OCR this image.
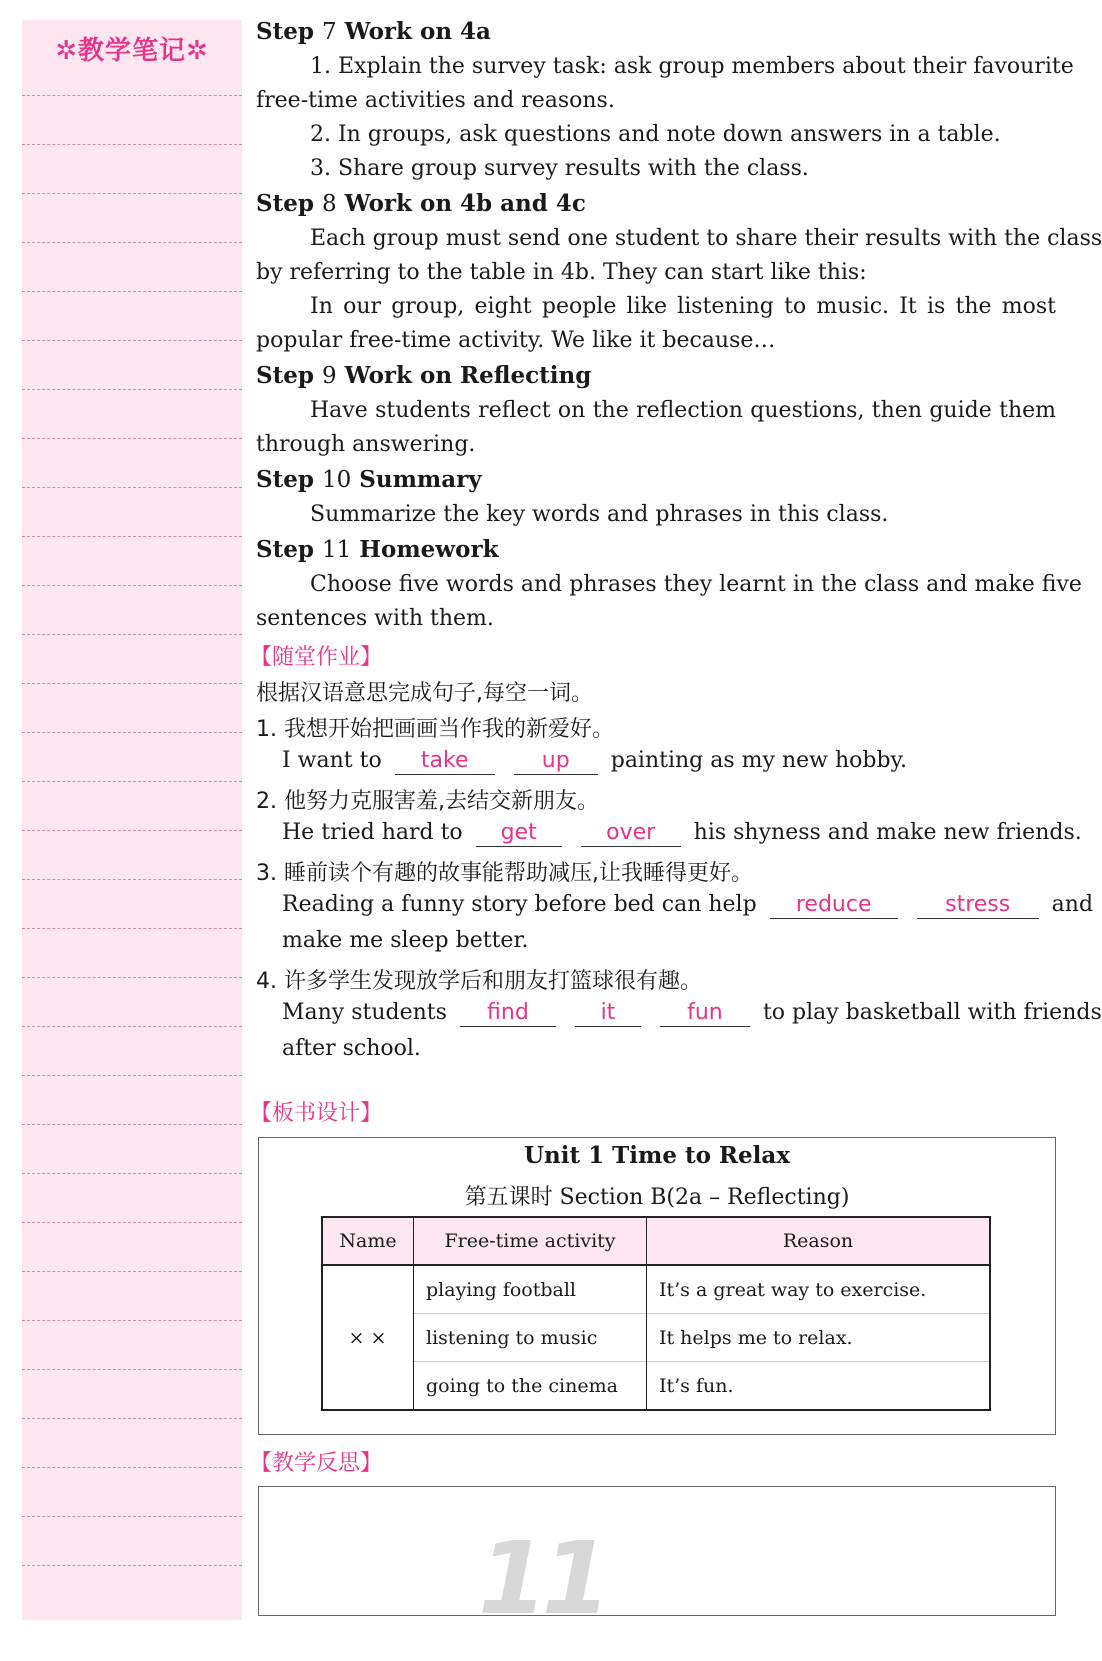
✲教学笔记✲
Step 7 Work on 4a
1. Explain the survey task: ask group members about their favourite
free-time activities and reasons.
2. In groups, ask questions and note down answers in a table.
3. Share group survey results with the class.
Step 8 Work on 4b and 4c
Each group must send one student to share their results with the class
by referring to the table in 4b. They can start like this:
In our group, eight people like listening to music. It is the most
popular free-time activity. We like it because…
Step 9 Work on Reflecting
Have students reflect on the reflection questions, then guide them
through answering.
Step 10 Summary
Summarize the key words and phrases in this class.
Step 11 Homework
Choose five words and phrases they learnt in the class and make five
sentences with them.
【随堂作业】
根据汉语意思完成句子,每空一词。
1. 我想开始把画画当作我的新爱好。
I want to take	up painting as my new hobby.
2. 他努力克服害羞,去结交新朋友。
He tried hard to get	over his shyness and make new friends.
3. 睡前读个有趣的故事能帮助减压,让我睡得更好。
Reading a funny story before bed can help reduce	stress and
make me sleep better.
4. 许多学生发现放学后和朋友打篮球很有趣。
Many students find	it	fun to play basketball with friends
after school.
【板书设计】
Unit 1 Time to Relax
第五课时 Section B(2a – Reflecting)
Name	Free-time activity	Reason
× ×	playing football	It’s a great way to exercise.
	listening to music	It helps me to relax.
	going to the cinema	It’s fun.
【教学反思】
11
